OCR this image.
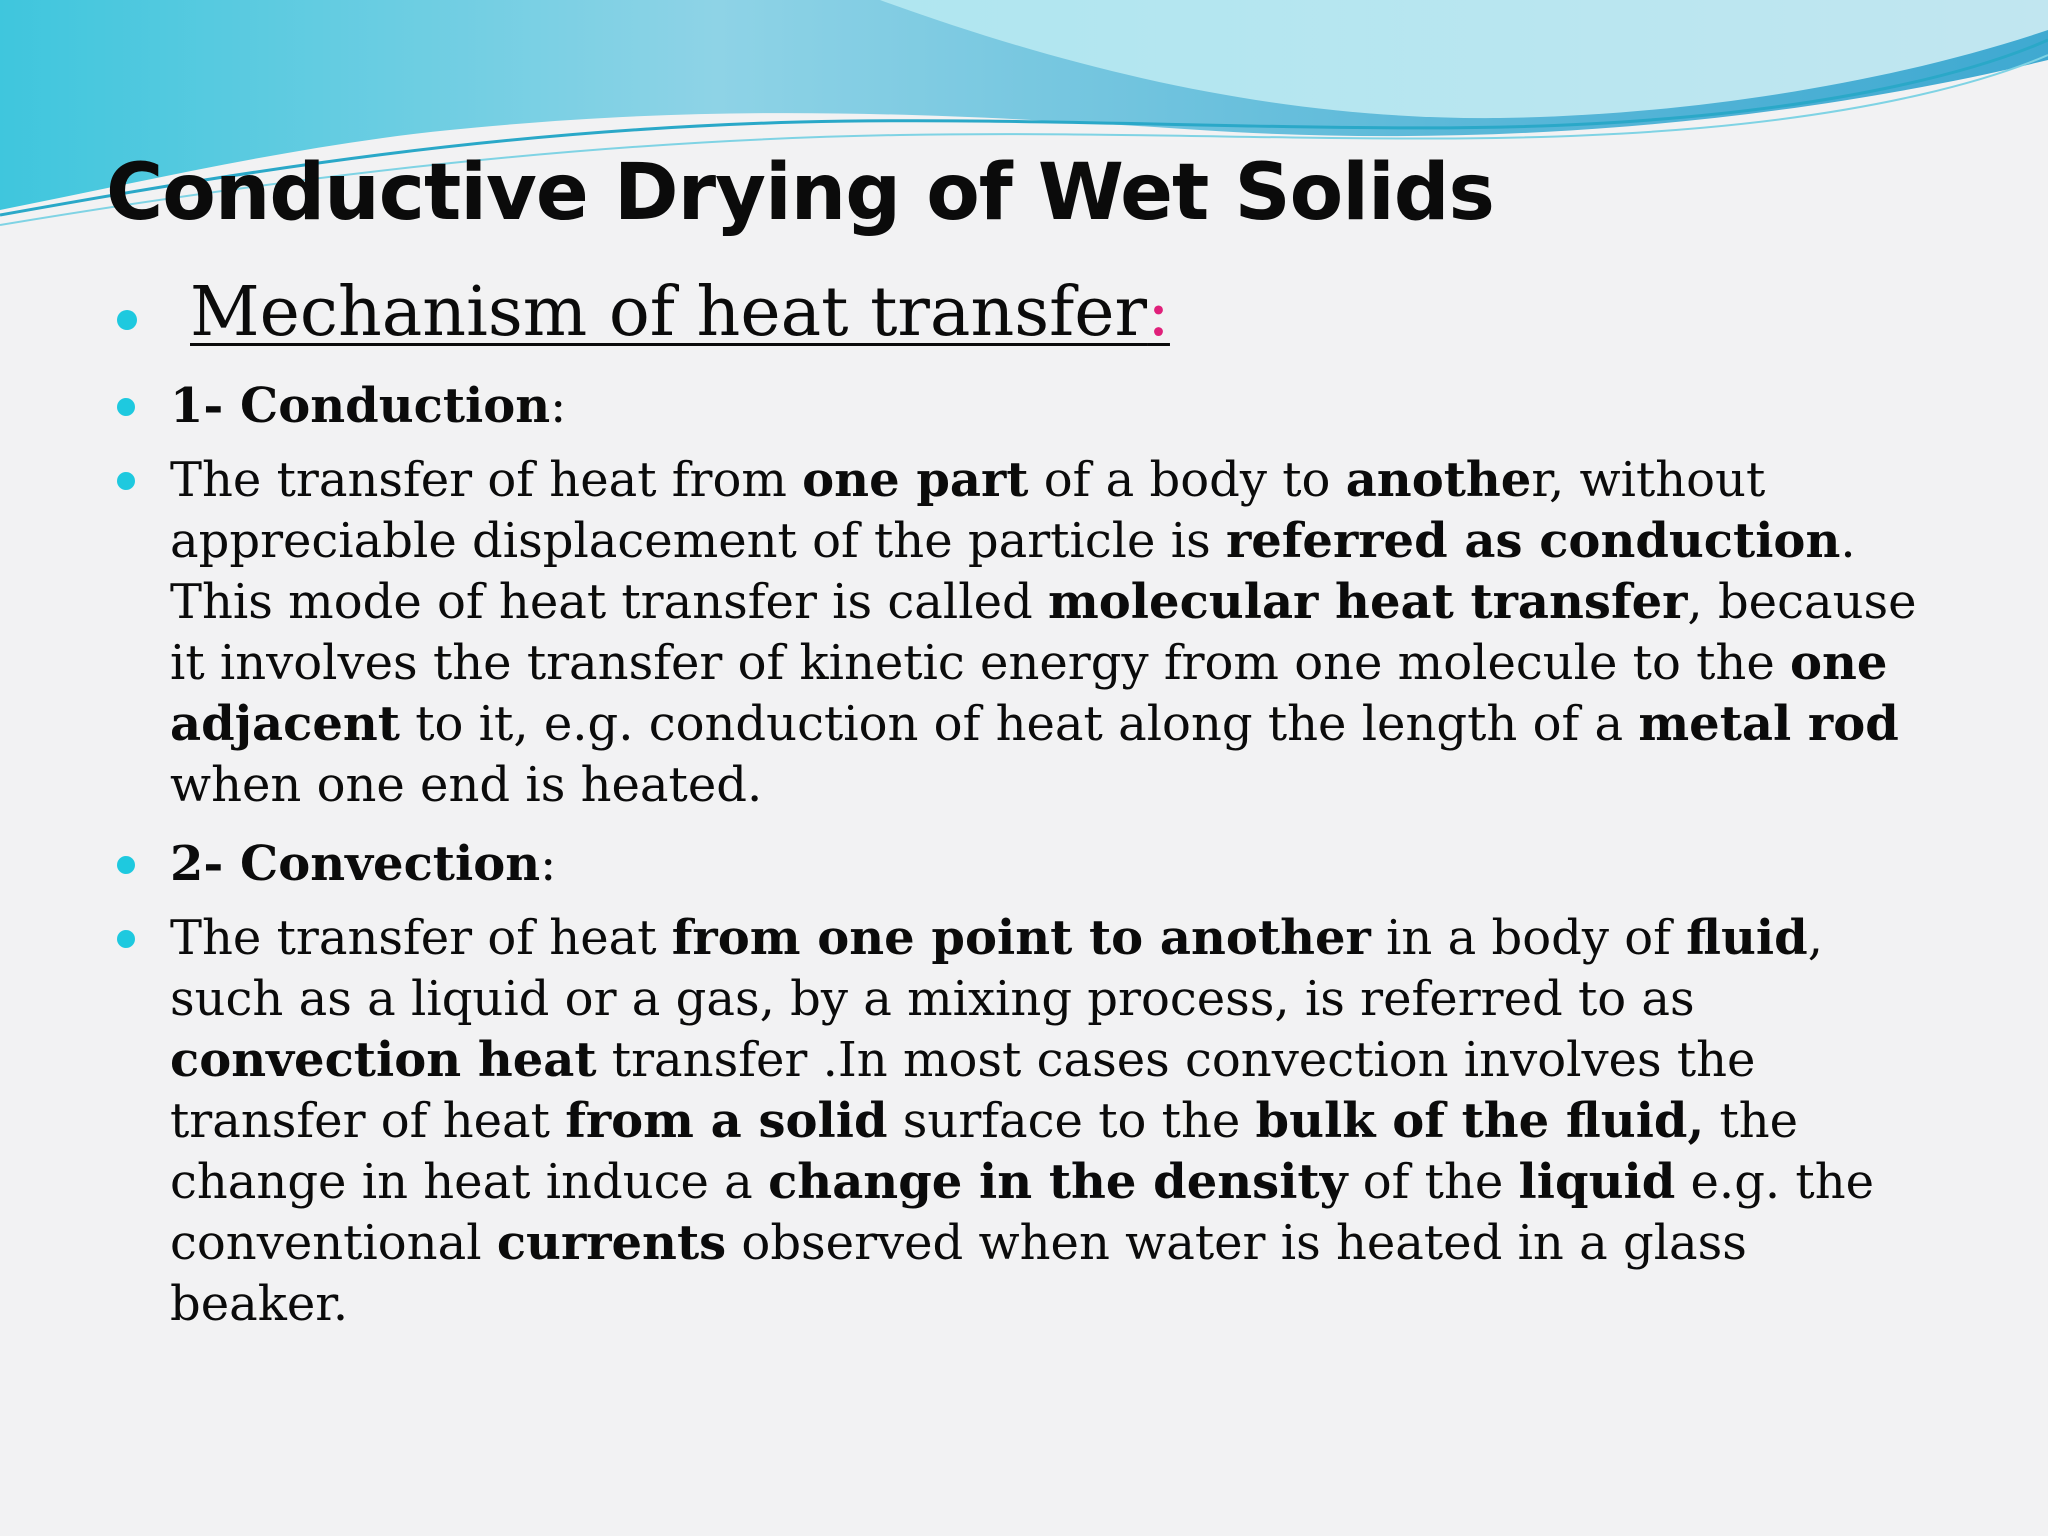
Conductive Drying of Wet Solids
Mechanism of heat transfer:
1- Conduction:

The transfer of heat from one part of a body to another, without appreciable displacement of the particle is referred as conduction. This mode of heat transfer is called molecular heat transfer, because it involves the transfer of kinetic energy from one molecule to the one adjacent to it, e.g. conduction of heat along the length of a metal rod when one end is heated.

2- Convection:

The transfer of heat from one point to another in a body of fluid, such as a liquid or a gas, by a mixing process, is referred to as convection heat transfer .In most cases convection involves the transfer of heat from a solid surface to the bulk of the fluid, the change in heat induce a change in the density of the liquid e.g. the conventional currents observed when water is heated in a glass beaker.
